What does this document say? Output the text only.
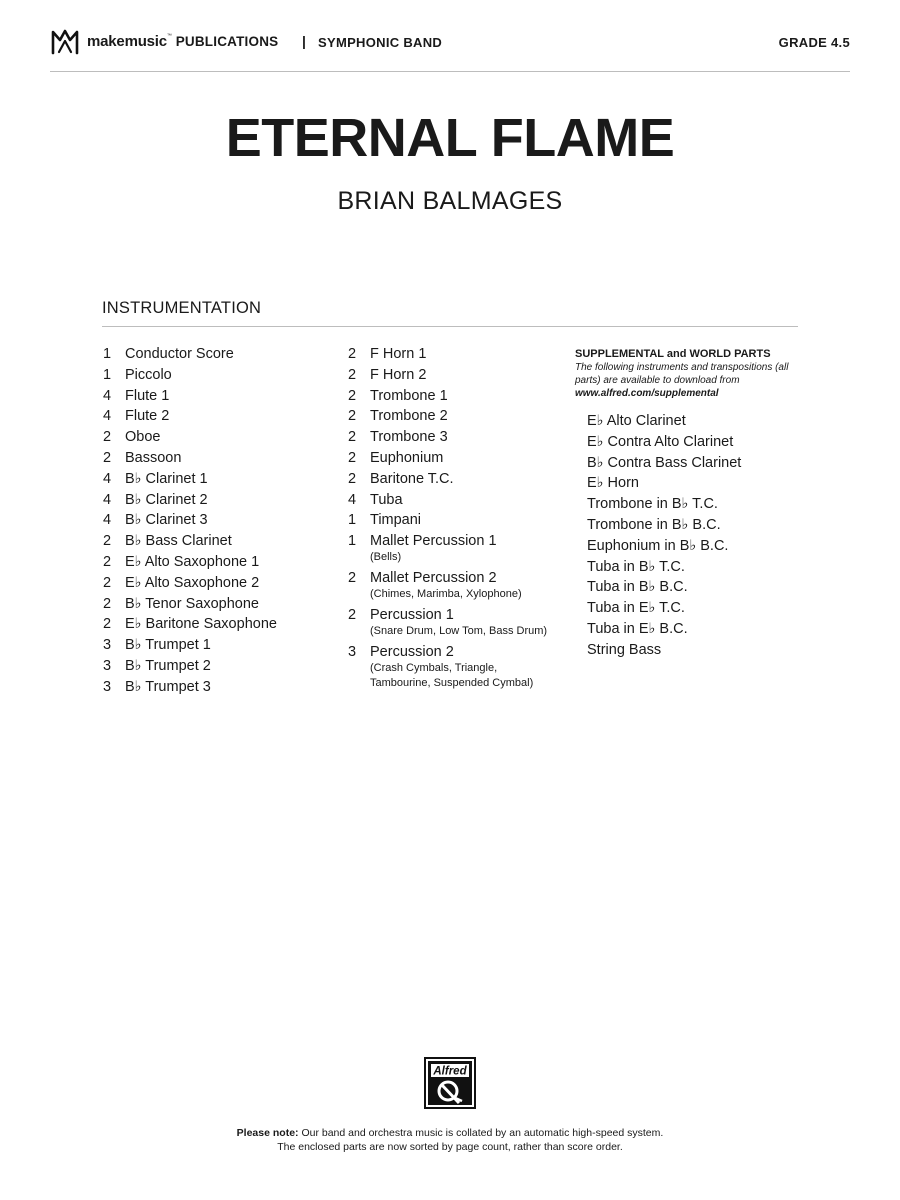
makemusic™ PUBLICATIONS | SYMPHONIC BAND	GRADE 4.5
ETERNAL FLAME
BRIAN BALMAGES
INSTRUMENTATION
1 Conductor Score
1 Piccolo
4 Flute 1
4 Flute 2
2 Oboe
2 Bassoon
4 B♭ Clarinet 1
4 B♭ Clarinet 2
4 B♭ Clarinet 3
2 B♭ Bass Clarinet
2 E♭ Alto Saxophone 1
2 E♭ Alto Saxophone 2
2 B♭ Tenor Saxophone
2 E♭ Baritone Saxophone
3 B♭ Trumpet 1
3 B♭ Trumpet 2
3 B♭ Trumpet 3
2 F Horn 1
2 F Horn 2
2 Trombone 1
2 Trombone 2
2 Trombone 3
2 Euphonium
2 Baritone T.C.
4 Tuba
1 Timpani
1 Mallet Percussion 1
(Bells)
2 Mallet Percussion 2
(Chimes, Marimba, Xylophone)
2 Percussion 1
(Snare Drum, Low Tom, Bass Drum)
3 Percussion 2
(Crash Cymbals, Triangle, Tambourine, Suspended Cymbal)
SUPPLEMENTAL and WORLD PARTS
The following instruments and transpositions (all parts) are available to download from
www.alfred.com/supplemental
E♭ Alto Clarinet
E♭ Contra Alto Clarinet
B♭ Contra Bass Clarinet
E♭ Horn
Trombone in B♭ T.C.
Trombone in B♭ B.C.
Euphonium in B♭ B.C.
Tuba in B♭ T.C.
Tuba in B♭ B.C.
Tuba in E♭ T.C.
Tuba in E♭ B.C.
String Bass
Alfred
Please note: Our band and orchestra music is collated by an automatic high-speed system.
The enclosed parts are now sorted by page count, rather than score order.
